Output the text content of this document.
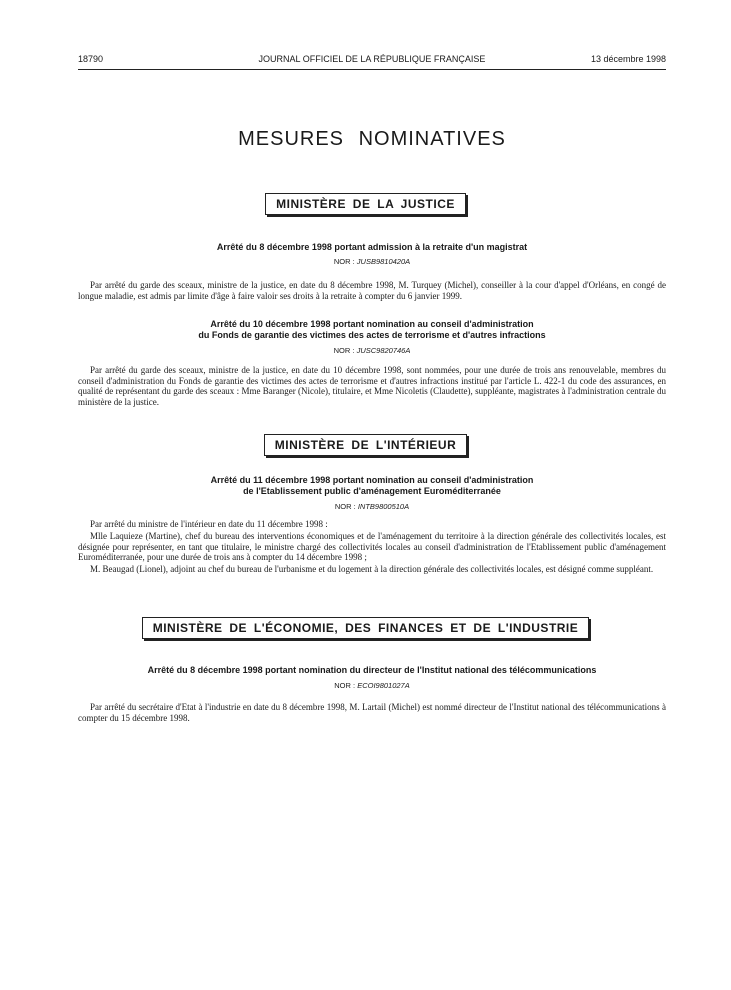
18790	JOURNAL OFFICIEL DE LA RÉPUBLIQUE FRANÇAISE	13 décembre 1998
MESURES NOMINATIVES
MINISTÈRE DE LA JUSTICE
Arrêté du 8 décembre 1998 portant admission à la retraite d'un magistrat
NOR : JUSB9810420A

Par arrêté du garde des sceaux, ministre de la justice, en date du 8 décembre 1998, M. Turquey (Michel), conseiller à la cour d'appel d'Orléans, en congé de longue maladie, est admis par limite d'âge à faire valoir ses droits à la retraite à compter du 6 janvier 1999.

Arrêté du 10 décembre 1998 portant nomination au conseil d'administration
du Fonds de garantie des victimes des actes de terrorisme et d'autres infractions
NOR : JUSC9820746A

Par arrêté du garde des sceaux, ministre de la justice, en date du 10 décembre 1998, sont nommées, pour une durée de trois ans renouvelable, membres du conseil d'administration du Fonds de garantie des victimes des actes de terrorisme et d'autres infractions institué par l'article L. 422-1 du code des assurances, en qualité de représentant du garde des sceaux : Mme Baranger (Nicole), titulaire, et Mme Nicoletis (Claudette), suppléante, magistrates à l'administration centrale du ministère de la justice.

MINISTÈRE DE L'INTÉRIEUR
Arrêté du 11 décembre 1998 portant nomination au conseil d'administration
de l'Etablissement public d'aménagement Euroméditerranée
NOR : INTB9800510A

Par arrêté du ministre de l'intérieur en date du 11 décembre 1998 :

Mlle Laquieze (Martine), chef du bureau des interventions économiques et de l'aménagement du territoire à la direction générale des collectivités locales, est désignée pour représenter, en tant que titulaire, le ministre chargé des collectivités locales au conseil d'administration de l'Etablissement public d'aménagement Euroméditerranée, pour une durée de trois ans à compter du 14 décembre 1998 ;

M. Beaugad (Lionel), adjoint au chef du bureau de l'urbanisme et du logement à la direction générale des collectivités locales, est désigné comme suppléant.

MINISTÈRE DE L'ÉCONOMIE, DES FINANCES ET DE L'INDUSTRIE
Arrêté du 8 décembre 1998 portant nomination du directeur de l'Institut national des télécommunications
NOR : ECOI9801027A

Par arrêté du secrétaire d'Etat à l'industrie en date du 8 décembre 1998, M. Lartail (Michel) est nommé directeur de l'Institut national des télécommunications à compter du 15 décembre 1998.
